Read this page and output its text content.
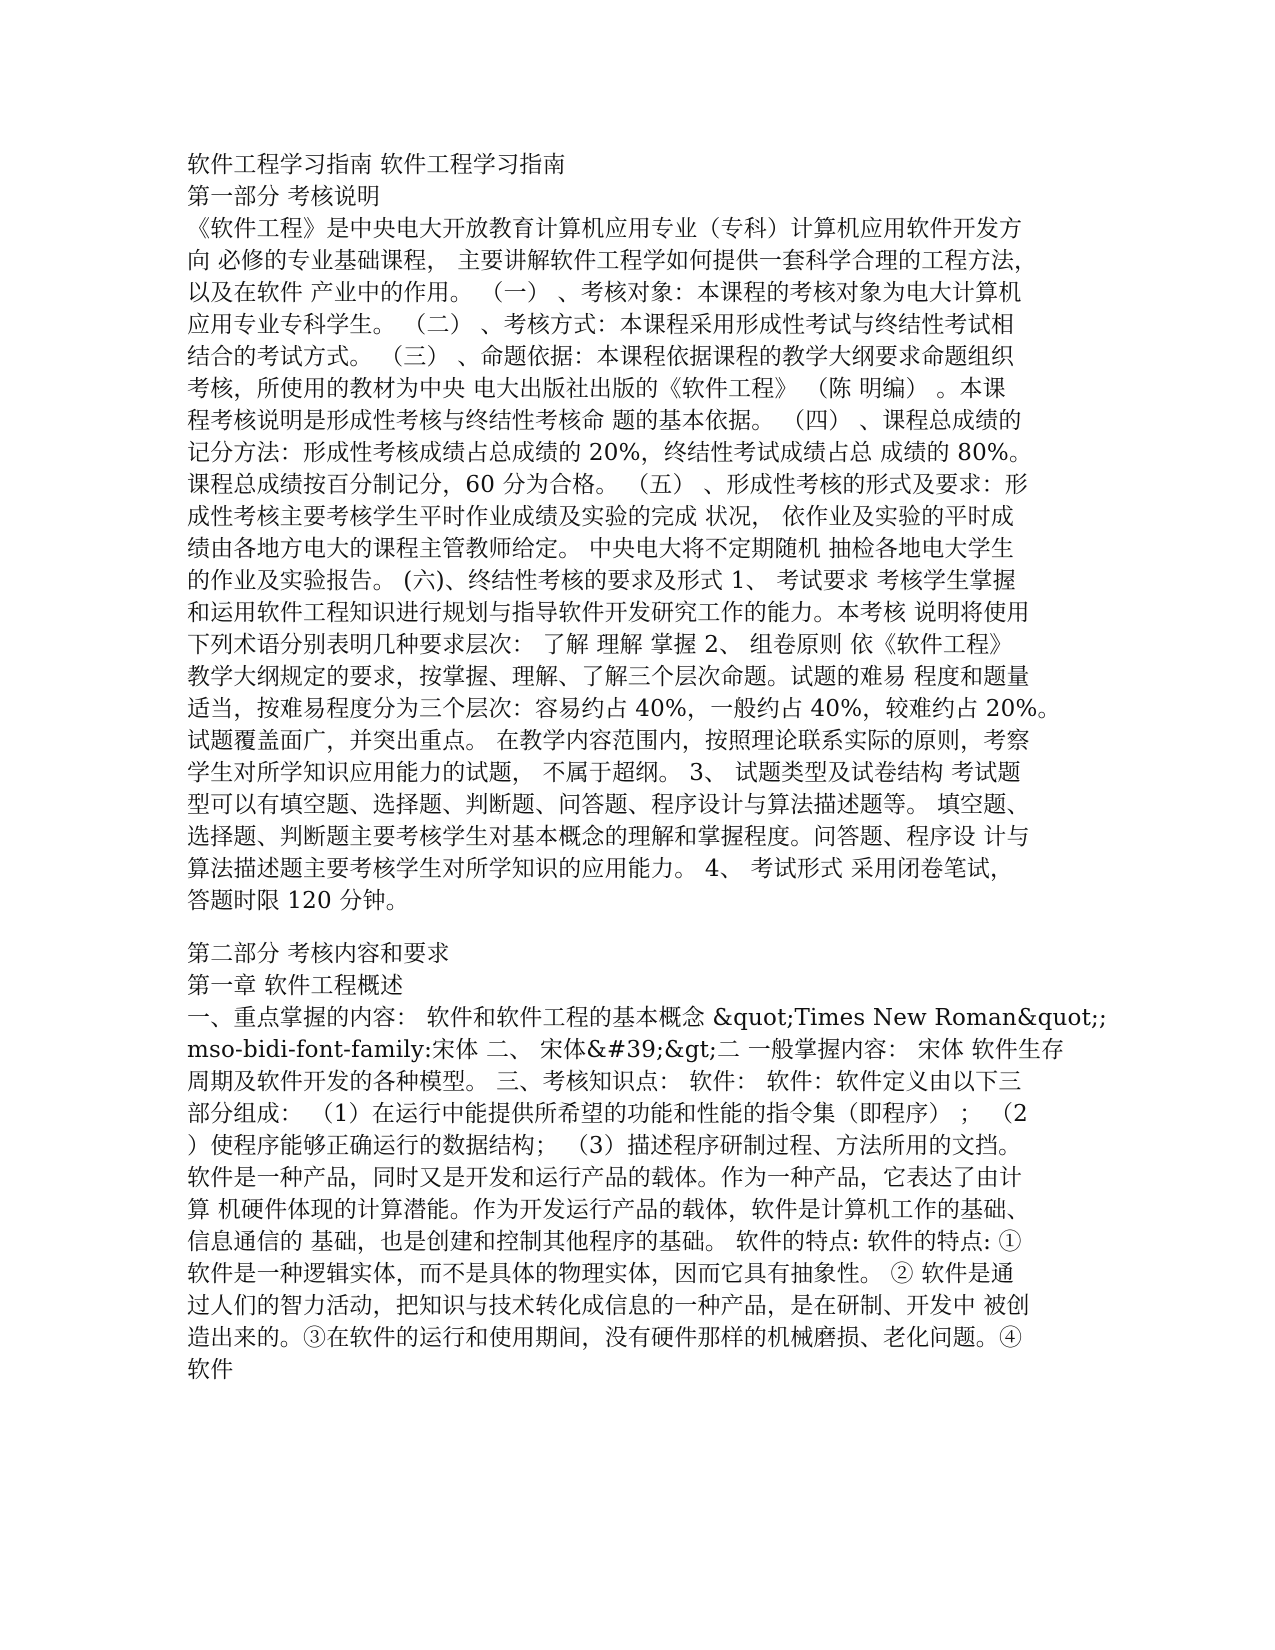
软件工程学习指南 软件工程学习指南
第一部分 考核说明
《软件工程》是中央电大开放教育计算机应用专业（专科）计算机应用软件开发方
向 必修的专业基础课程， 主要讲解软件工程学如何提供一套科学合理的工程方法，
以及在软件 产业中的作用。 （一） 、考核对象：本课程的考核对象为电大计算机
应用专业专科学生。 （二） 、考核方式：本课程采用形成性考试与终结性考试相
结合的考试方式。 （三） 、命题依据：本课程依据课程的教学大纲要求命题组织
考核，所使用的教材为中央 电大出版社出版的《软件工程》 （陈 明编） 。本课
程考核说明是形成性考核与终结性考核命 题的基本依据。 （四） 、课程总成绩的
记分方法：形成性考核成绩占总成绩的 20%，终结性考试成绩占总 成绩的 80%。
课程总成绩按百分制记分，60 分为合格。 （五） 、形成性考核的形式及要求：形
成性考核主要考核学生平时作业成绩及实验的完成 状况， 依作业及实验的平时成
绩由各地方电大的课程主管教师给定。 中央电大将不定期随机 抽检各地电大学生
的作业及实验报告。 (六)、终结性考核的要求及形式 1、 考试要求 考核学生掌握
和运用软件工程知识进行规划与指导软件开发研究工作的能力。本考核 说明将使用
下列术语分别表明几种要求层次： 了解 理解 掌握 2、 组卷原则 依《软件工程》
教学大纲规定的要求，按掌握、理解、了解三个层次命题。试题的难易 程度和题量
适当，按难易程度分为三个层次：容易约占 40%，一般约占 40%，较难约占 20%。
试题覆盖面广，并突出重点。 在教学内容范围内，按照理论联系实际的原则，考察
学生对所学知识应用能力的试题， 不属于超纲。 3、 试题类型及试卷结构 考试题
型可以有填空题、选择题、判断题、问答题、程序设计与算法描述题等。 填空题、
选择题、判断题主要考核学生对基本概念的理解和掌握程度。问答题、程序设 计与
算法描述题主要考核学生对所学知识的应用能力。 4、 考试形式 采用闭卷笔试，
答题时限 120 分钟。
第二部分 考核内容和要求
第一章 软件工程概述
一、重点掌握的内容： 软件和软件工程的基本概念 &quot;Times New Roman&quot;;
mso-bidi-font-family:宋体 二、 宋体&#39;&gt;二 一般掌握内容： 宋体 软件生存
周期及软件开发的各种模型。 三、考核知识点： 软件： 软件：软件定义由以下三
部分组成： （1）在运行中能提供所希望的功能和性能的指令集（即程序） ； （2
）使程序能够正确运行的数据结构； （3）描述程序研制过程、方法所用的文挡。
软件是一种产品，同时又是开发和运行产品的载体。作为一种产品，它表达了由计
算 机硬件体现的计算潜能。作为开发运行产品的载体，软件是计算机工作的基础、
信息通信的 基础，也是创建和控制其他程序的基础。 软件的特点: 软件的特点: ①
软件是一种逻辑实体，而不是具体的物理实体，因而它具有抽象性。 ② 软件是通
过人们的智力活动，把知识与技术转化成信息的一种产品，是在研制、开发中 被创
造出来的。③在软件的运行和使用期间，没有硬件那样的机械磨损、老化问题。④
软件
